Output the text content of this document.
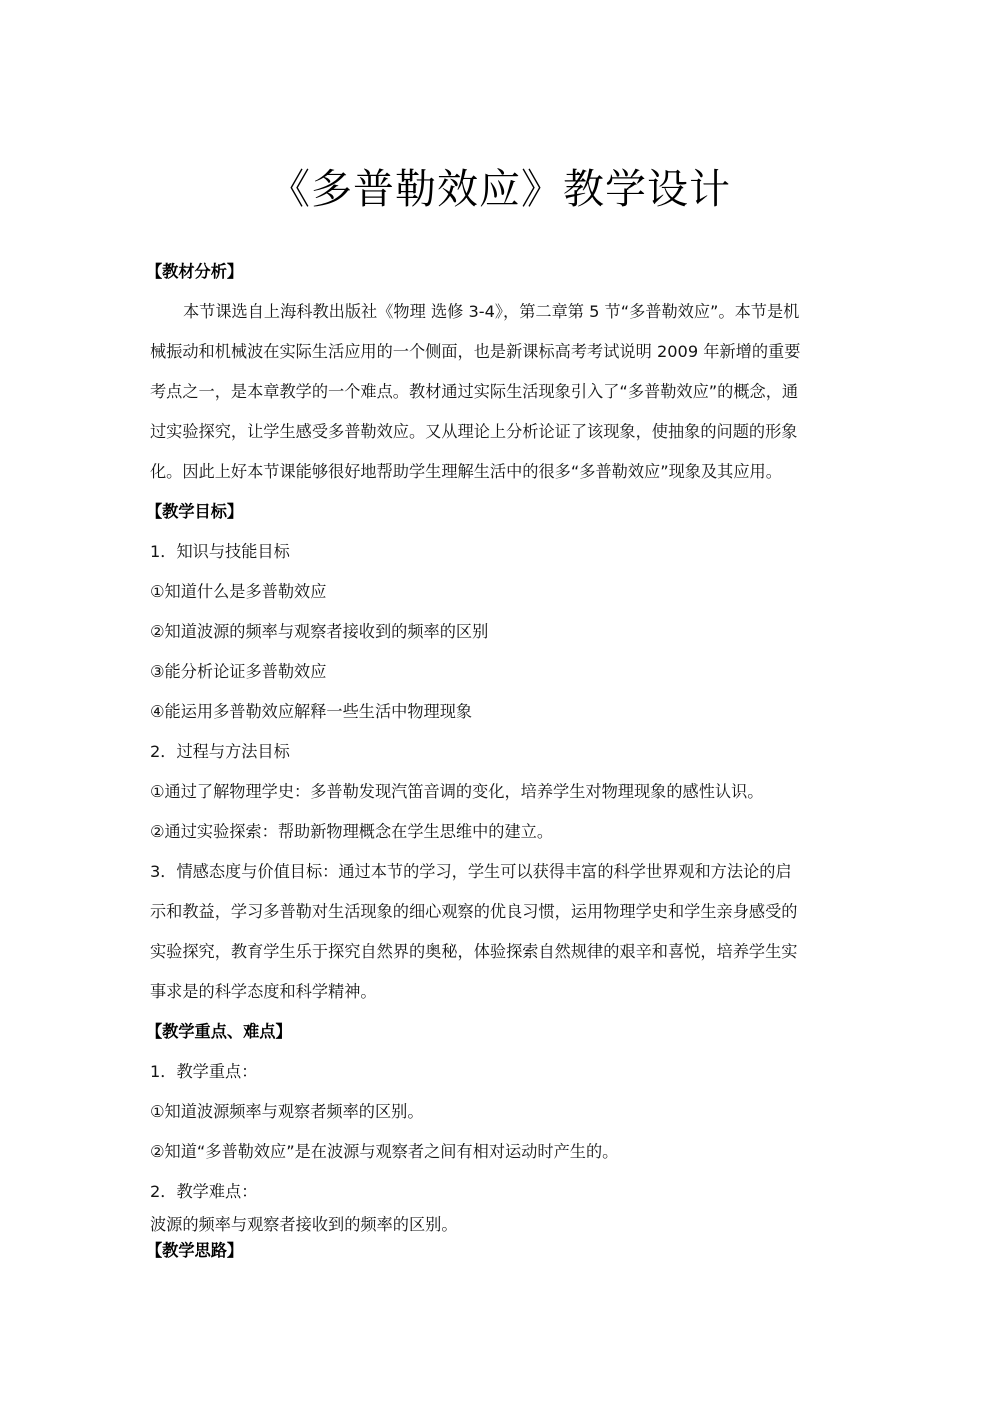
《多普勒效应》教学设计
【教材分析】
本节课选自上海科教出版社《物理 选修 3-4》，第二章第 5 节“多普勒效应”。本节是机
械振动和机械波在实际生活应用的一个侧面，也是新课标高考考试说明 2009 年新增的重要
考点之一，是本章教学的一个难点。教材通过实际生活现象引入了“多普勒效应”的概念，通
过实验探究，让学生感受多普勒效应。又从理论上分析论证了该现象，使抽象的问题的形象
化。因此上好本节课能够很好地帮助学生理解生活中的很多“多普勒效应”现象及其应用。
【教学目标】
1．知识与技能目标
①知道什么是多普勒效应
②知道波源的频率与观察者接收到的频率的区别
③能分析论证多普勒效应
④能运用多普勒效应解释一些生活中物理现象
2．过程与方法目标
①通过了解物理学史：多普勒发现汽笛音调的变化，培养学生对物理现象的感性认识。
②通过实验探索：帮助新物理概念在学生思维中的建立。
3．情感态度与价值目标：通过本节的学习，学生可以获得丰富的科学世界观和方法论的启
示和教益，学习多普勒对生活现象的细心观察的优良习惯，运用物理学史和学生亲身感受的
实验探究，教育学生乐于探究自然界的奥秘，体验探索自然规律的艰辛和喜悦，培养学生实
事求是的科学态度和科学精神。
【教学重点、难点】
1．教学重点：
①知道波源频率与观察者频率的区别。
②知道“多普勒效应”是在波源与观察者之间有相对运动时产生的。
2．教学难点：
波源的频率与观察者接收到的频率的区别。
【教学思路】
